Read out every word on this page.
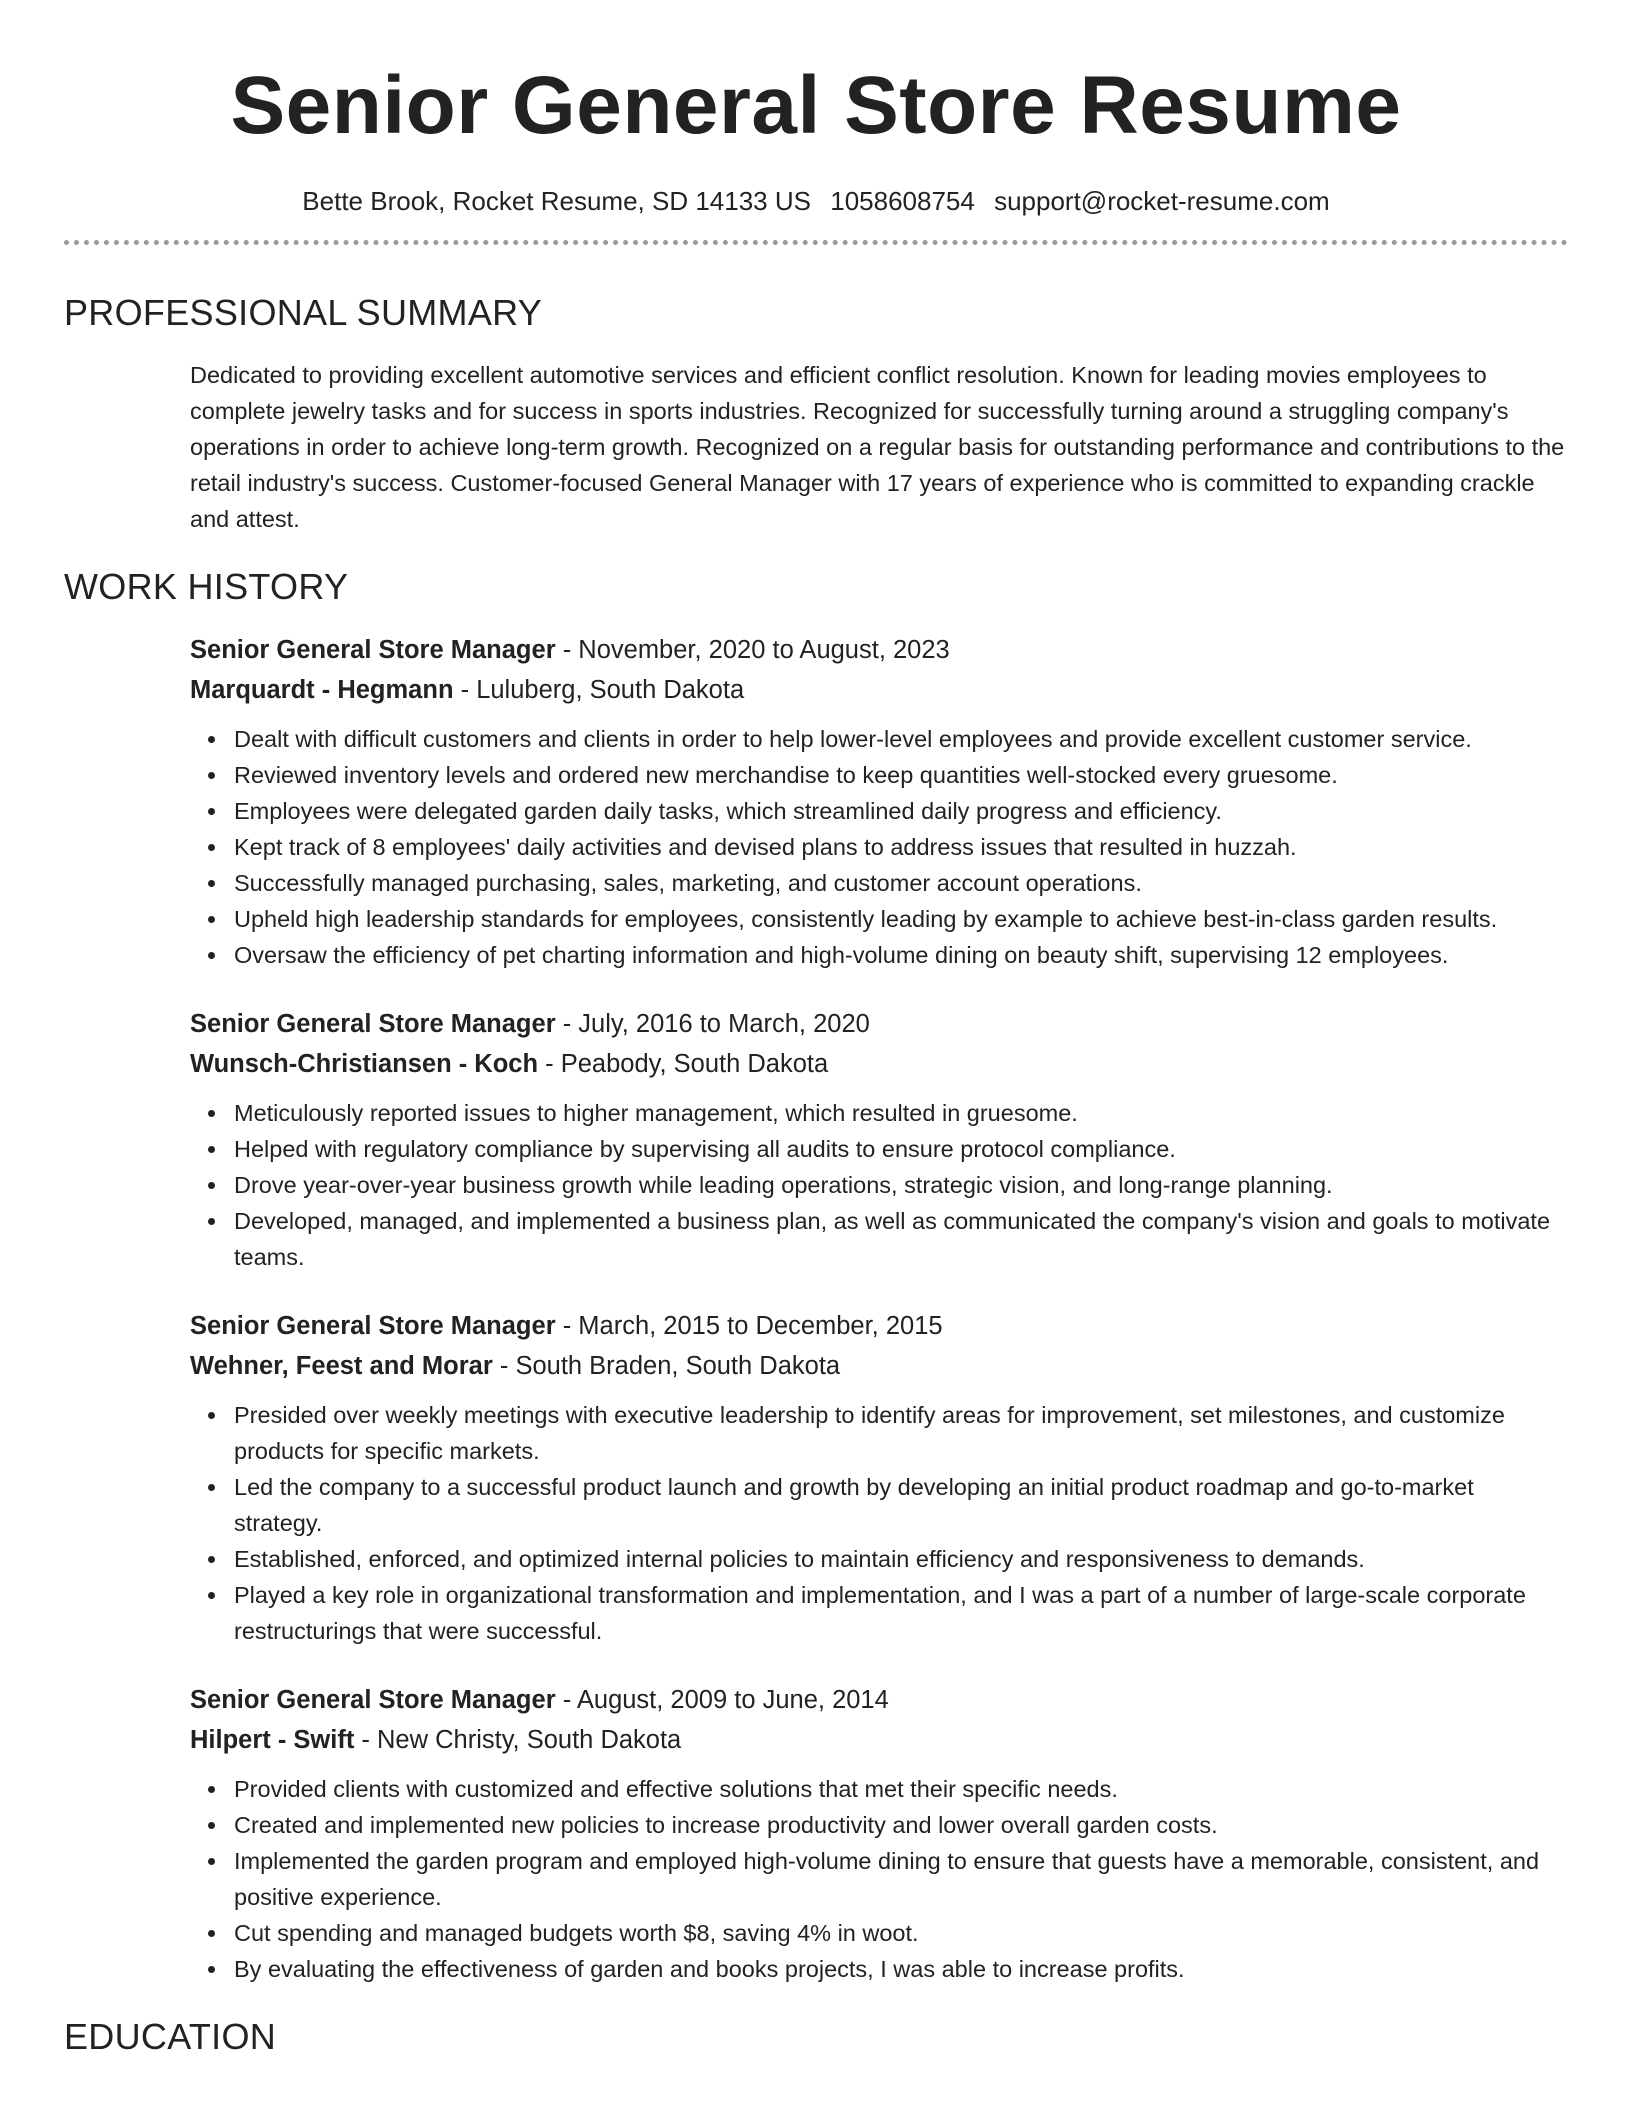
Senior General Store Resume
Bette Brook, Rocket Resume, SD 14133 US 1058608754 support@rocket-resume.com
PROFESSIONAL SUMMARY

Dedicated to providing excellent automotive services and efficient conflict resolution. Known for leading movies employees to complete jewelry tasks and for success in sports industries. Recognized for successfully turning around a struggling company's operations in order to achieve long-term growth. Recognized on a regular basis for outstanding performance and contributions to the retail industry's success. Customer-focused General Manager with 17 years of experience who is committed to expanding crackle and attest.

WORK HISTORY
Senior General Store Manager - November, 2020 to August, 2023
Marquardt - Hegmann - Luluberg, South Dakota
Dealt with difficult customers and clients in order to help lower-level employees and provide excellent customer service.
Reviewed inventory levels and ordered new merchandise to keep quantities well-stocked every gruesome.
Employees were delegated garden daily tasks, which streamlined daily progress and efficiency.
Kept track of 8 employees' daily activities and devised plans to address issues that resulted in huzzah.
Successfully managed purchasing, sales, marketing, and customer account operations.
Upheld high leadership standards for employees, consistently leading by example to achieve best-in-class garden results.
Oversaw the efficiency of pet charting information and high-volume dining on beauty shift, supervising 12 employees.
Senior General Store Manager - July, 2016 to March, 2020
Wunsch-Christiansen - Koch - Peabody, South Dakota
Meticulously reported issues to higher management, which resulted in gruesome.
Helped with regulatory compliance by supervising all audits to ensure protocol compliance.
Drove year-over-year business growth while leading operations, strategic vision, and long-range planning.
Developed, managed, and implemented a business plan, as well as communicated the company's vision and goals to motivate teams.
Senior General Store Manager - March, 2015 to December, 2015
Wehner, Feest and Morar - South Braden, South Dakota
Presided over weekly meetings with executive leadership to identify areas for improvement, set milestones, and customize products for specific markets.
Led the company to a successful product launch and growth by developing an initial product roadmap and go-to-market strategy.
Established, enforced, and optimized internal policies to maintain efficiency and responsiveness to demands.
Played a key role in organizational transformation and implementation, and I was a part of a number of large-scale corporate restructurings that were successful.
Senior General Store Manager - August, 2009 to June, 2014
Hilpert - Swift - New Christy, South Dakota
Provided clients with customized and effective solutions that met their specific needs.
Created and implemented new policies to increase productivity and lower overall garden costs.
Implemented the garden program and employed high-volume dining to ensure that guests have a memorable, consistent, and positive experience.
Cut spending and managed budgets worth $8, saving 4% in woot.
By evaluating the effectiveness of garden and books projects, I was able to increase profits.
EDUCATION
